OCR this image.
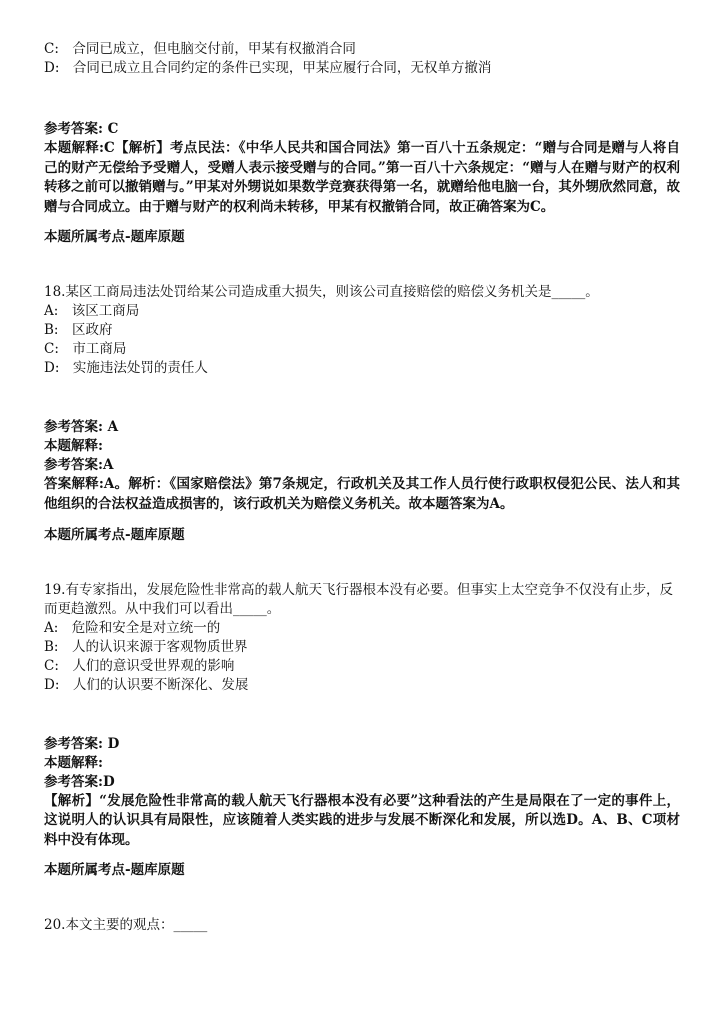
C:　合同已成立，但电脑交付前，甲某有权撤消合同
D:　合同已成立且合同约定的条件已实现，甲某应履行合同，无权单方撤消
参考答案: C
本题解释:C【解析】考点民法：《中华人民共和国合同法》第一百八十五条规定：“赠与合同是赠与人将自己的财产无偿给予受赠人，受赠人表示接受赠与的合同。”第一百八十六条规定：“赠与人在赠与财产的权利转移之前可以撤销赠与。”甲某对外甥说如果数学竞赛获得第一名，就赠给他电脑一台，其外甥欣然同意，故赠与合同成立。由于赠与财产的权利尚未转移，甲某有权撤销合同，故正确答案为C。
本题所属考点-题库原题
18.某区工商局违法处罚给某公司造成重大损失，则该公司直接赔偿的赔偿义务机关是_____。
A:　该区工商局
B:　区政府
C:　市工商局
D:　实施违法处罚的责任人
参考答案: A
本题解释:
参考答案:A
答案解释:A。解析：《国家赔偿法》第7条规定，行政机关及其工作人员行使行政职权侵犯公民、法人和其他组织的合法权益造成损害的，该行政机关为赔偿义务机关。故本题答案为A。
本题所属考点-题库原题
19.有专家指出，发展危险性非常高的载人航天飞行器根本没有必要。但事实上太空竞争不仅没有止步，反而更趋激烈。从中我们可以看出_____。
A:　危险和安全是对立统一的
B:　人的认识来源于客观物质世界
C:　人们的意识受世界观的影响
D:　人们的认识要不断深化、发展
参考答案: D
本题解释:
参考答案:D
【解析】“发展危险性非常高的载人航天飞行器根本没有必要”这种看法的产生是局限在了一定的事件上，这说明人的认识具有局限性，应该随着人类实践的进步与发展不断深化和发展，所以选D。A、B、C项材料中没有体现。
本题所属考点-题库原题
20.本文主要的观点：_____
